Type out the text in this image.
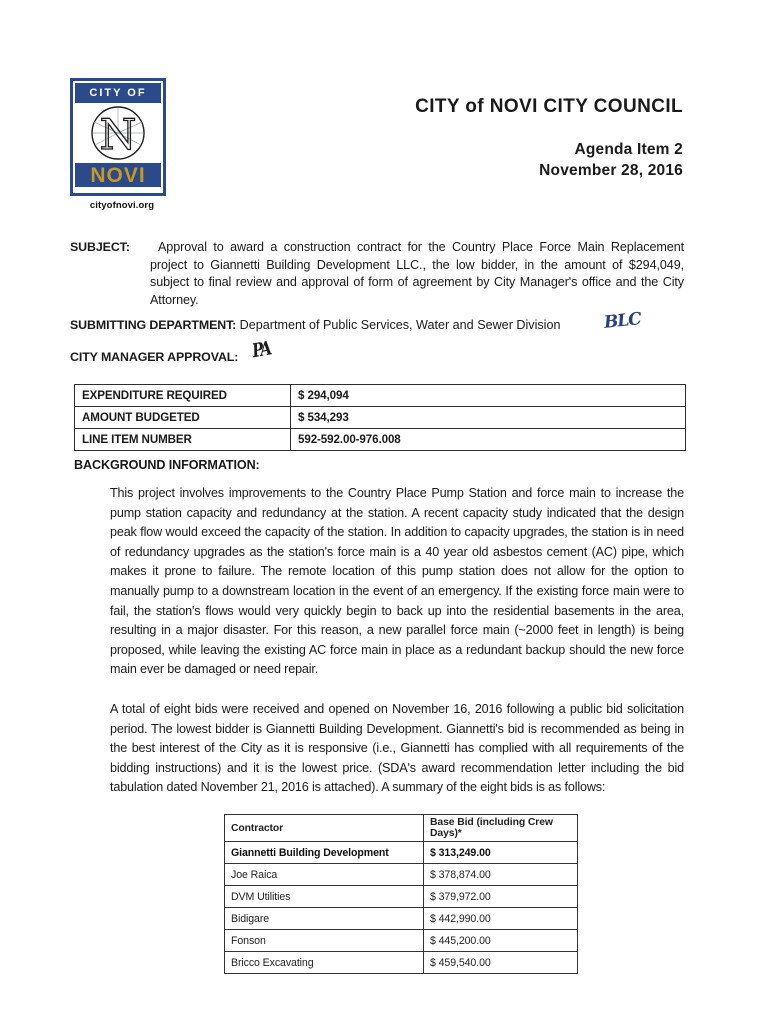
CITY OF
N
NOVI
cityofnovi.org
CITY of NOVI CITY COUNCIL
Agenda Item 2
November 28, 2016
SUBJECT:	Approval to award a construction contract for the Country Place Force Main Replacement project to Giannetti Building Development LLC., the low bidder, in the amount of $294,049, subject to final review and approval of form of agreement by City Manager's office and the City Attorney.
SUBMITTING DEPARTMENT: Department of Public Services, Water and Sewer Division	BLC
CITY MANAGER APPROVAL: PA
EXPENDITURE REQUIRED	$ 294,094
AMOUNT BUDGETED	$ 534,293
LINE ITEM NUMBER	592-592.00-976.008
BACKGROUND INFORMATION:
This project involves improvements to the Country Place Pump Station and force main to increase the pump station capacity and redundancy at the station. A recent capacity study indicated that the design peak flow would exceed the capacity of the station. In addition to capacity upgrades, the station is in need of redundancy upgrades as the station's force main is a 40 year old asbestos cement (AC) pipe, which makes it prone to failure. The remote location of this pump station does not allow for the option to manually pump to a downstream location in the event of an emergency. If the existing force main were to fail, the station's flows would very quickly begin to back up into the residential basements in the area, resulting in a major disaster. For this reason, a new parallel force main (~2000 feet in length) is being proposed, while leaving the existing AC force main in place as a redundant backup should the new force main ever be damaged or need repair.
A total of eight bids were received and opened on November 16, 2016 following a public bid solicitation period. The lowest bidder is Giannetti Building Development. Giannetti's bid is recommended as being in the best interest of the City as it is responsive (i.e., Giannetti has complied with all requirements of the bidding instructions) and it is the lowest price. (SDA's award recommendation letter including the bid tabulation dated November 21, 2016 is attached). A summary of the eight bids is as follows:
Contractor	Base Bid (including Crew Days)*
Giannetti Building Development	$ 313,249.00
Joe Raica	$ 378,874.00
DVM Utilities	$ 379,972.00
Bidigare	$ 442,990.00
Fonson	$ 445,200.00
Bricco Excavating	$ 459,540.00
